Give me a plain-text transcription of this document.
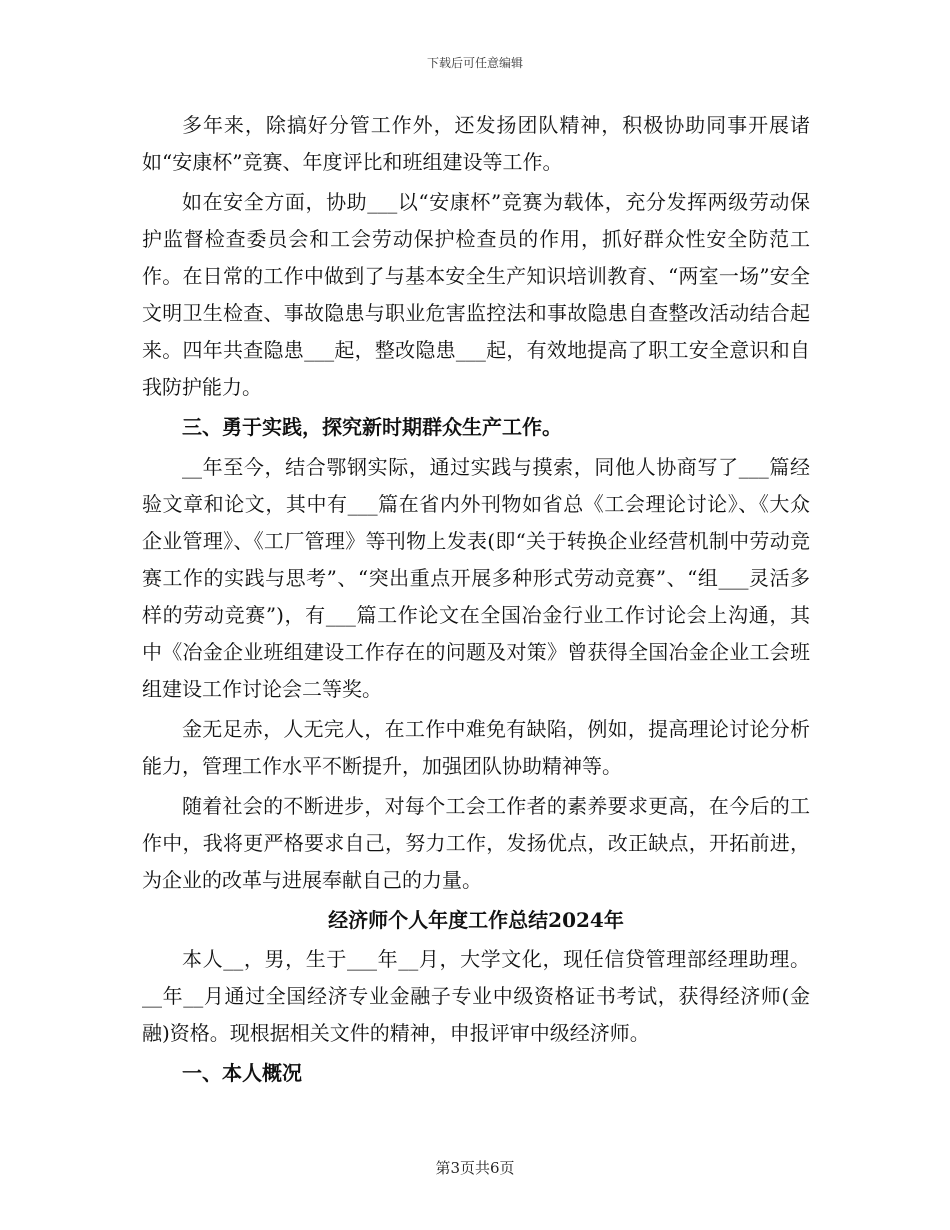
下载后可任意编辑

多年来，除搞好分管工作外，还发扬团队精神，积极协助同事开展诸如“安康杯”竞赛、年度评比和班组建设等工作。

如在安全方面，协助___以“安康杯”竞赛为载体，充分发挥两级劳动保护监督检查委员会和工会劳动保护检查员的作用，抓好群众性安全防范工作。在日常的工作中做到了与基本安全生产知识培训教育、“两室一场”安全文明卫生检查、事故隐患与职业危害监控法和事故隐患自查整改活动结合起来。四年共查隐患___起，整改隐患___起，有效地提高了职工安全意识和自我防护能力。

三、勇于实践，探究新时期群众生产工作。

__年至今，结合鄂钢实际，通过实践与摸索，同他人协商写了___篇经验文章和论文，其中有___篇在省内外刊物如省总《工会理论讨论》、《大众企业管理》、《工厂管理》等刊物上发表(即“关于转换企业经营机制中劳动竞赛工作的实践与思考”、“突出重点开展多种形式劳动竞赛”、“组___灵活多样的劳动竞赛”)，有___篇工作论文在全国冶金行业工作讨论会上沟通，其中《冶金企业班组建设工作存在的问题及对策》曾获得全国冶金企业工会班组建设工作讨论会二等奖。

金无足赤，人无完人，在工作中难免有缺陷，例如，提高理论讨论分析能力，管理工作水平不断提升，加强团队协助精神等。

随着社会的不断进步，对每个工会工作者的素养要求更高，在今后的工作中，我将更严格要求自己，努力工作，发扬优点，改正缺点，开拓前进，为企业的改革与进展奉献自己的力量。

经济师个人年度工作总结2024年

本人__，男，生于___年__月，大学文化，现任信贷管理部经理助理。__年__月通过全国经济专业金融子专业中级资格证书考试，获得经济师(金融)资格。现根据相关文件的精神，申报评审中级经济师。

一、本人概况

第3页共6页
